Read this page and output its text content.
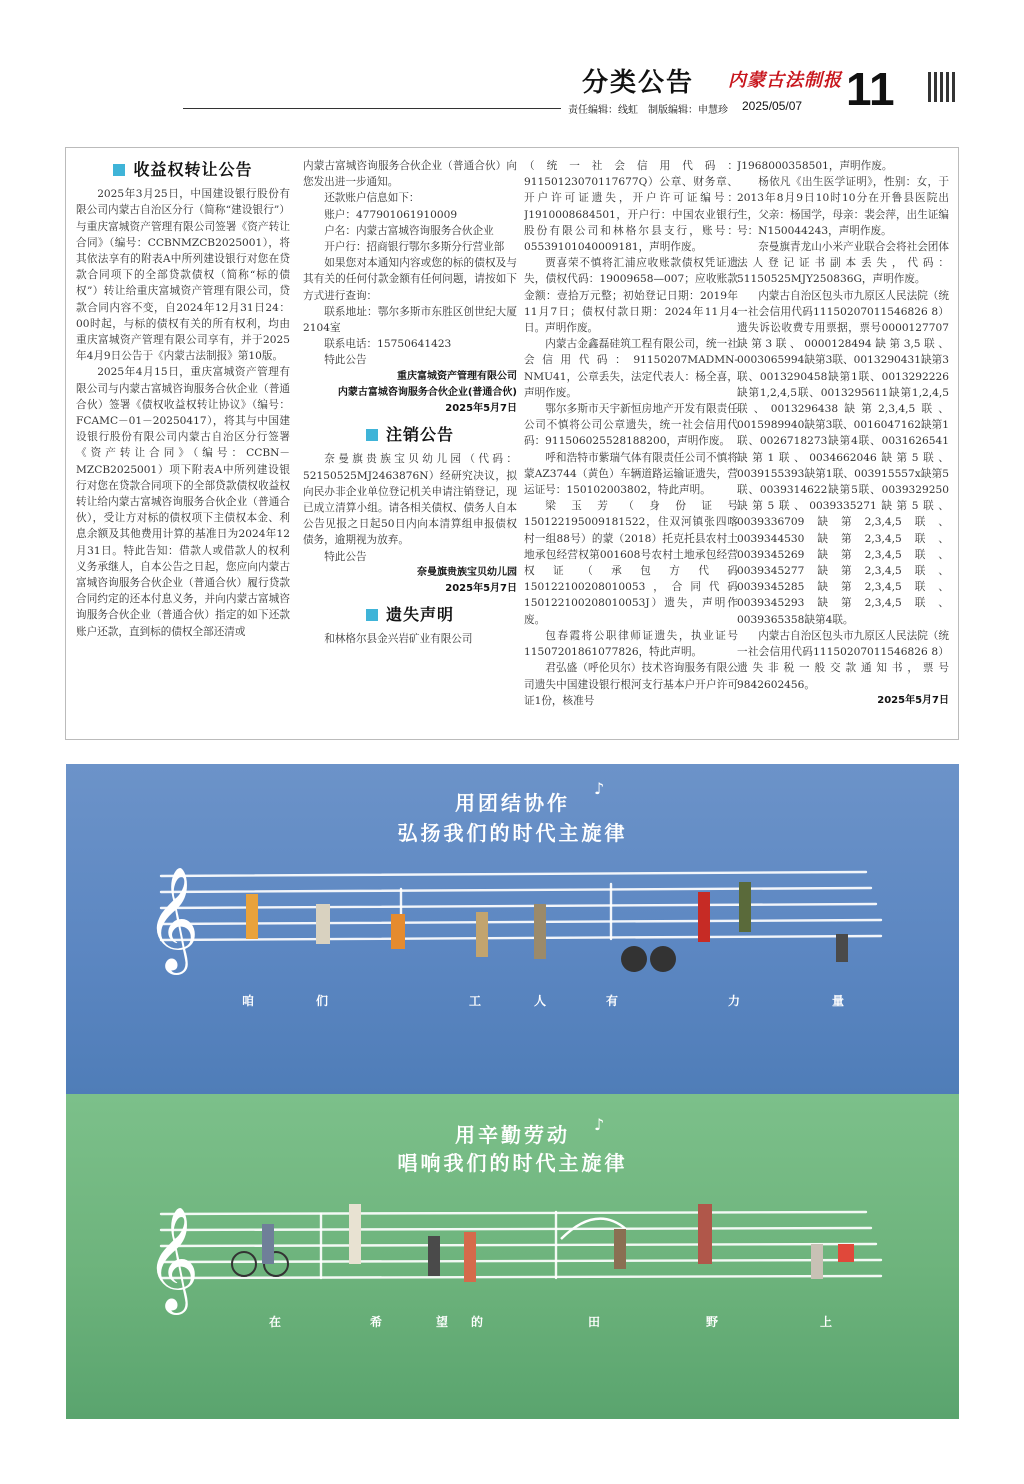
分类公告 内蒙古法制报 11
责任编辑：线虹　制版编辑：申慧珍 2025/05/07
收益权转让公告

2025年3月25日，中国建设银行股份有限公司内蒙古自治区分行（简称“建设银行”）与重庆富城资产管理有限公司签署《资产转让合同》（编号：CCBNMZCB2025001），将其依法享有的附表A中所列建设银行对您在贷款合同项下的全部贷款债权（简称“标的债权”）转让给重庆富城资产管理有限公司，贷款合同内容不变，自2024年12月31日24：00时起，与标的债权有关的所有权利，均由重庆富城资产管理有限公司享有，并于2025年4月9日公告于《内蒙古法制报》第10版。

2025年4月15日，重庆富城资产管理有限公司与内蒙古富城咨询服务合伙企业（普通合伙）签署《债权收益权转让协议》（编号：FCAMC－01－20250417），将其与中国建设银行股份有限公司内蒙古自治区分行签署《资产转让合同》（编号：CCBN－MZCB2025001）项下附表A中所列建设银行对您在贷款合同项下的全部贷款债权收益权转让给内蒙古富城咨询服务合伙企业（普通合伙），受让方对标的债权项下主债权本金、利息余额及其他费用计算的基准日为2024年12月31日。特此告知：借款人或借款人的权利义务承继人，自本公告之日起，您应向内蒙古富城咨询服务合伙企业（普通合伙）履行贷款合同约定的还本付息义务，并向内蒙古富城咨询服务合伙企业（普通合伙）指定的如下还款账户还款，直到标的债权全部还清或

内蒙古富城咨询服务合伙企业（普通合伙）向您发出进一步通知。

还款账户信息如下：

账户：477901061910009

户名：内蒙古富城咨询服务合伙企业

开户行：招商银行鄂尔多斯分行营业部

如果您对本通知内容或您的标的债权及与其有关的任何付款金额有任何问题，请按如下方式进行查询：

联系地址：鄂尔多斯市东胜区创世纪大厦2104室

联系电话：15750641423

特此公告

重庆富城资产管理有限公司

内蒙古富城咨询服务合伙企业(普通合伙)

2025年5月7日

注销公告

奈曼旗贵族宝贝幼儿园（代码：52150525MJ2463876N）经研究决议，拟向民办非企业单位登记机关申请注销登记，现已成立清算小组。请各相关债权、债务人自本公告见报之日起50日内向本清算组申报债权债务，逾期视为放弃。

特此公告

奈曼旗贵族宝贝幼儿园

2025年5月7日

遗失声明

和林格尔县金兴岩矿业有限公司

（统一社会信用代码：91150123070117677Q）公章、财务章、开户许可证遗失，开户许可证编号：J1910008684501，开户行：中国农业银行股份有限公司和林格尔县支行，账号：05539101040009181，声明作废。

贾喜荣不慎将汇浦应收账款债权凭证遗失，债权代码：19009658—007；应收账款金额：壹拾万元整；初始登记日期：2019年11月7日；债权付款日期：2024年11月4日。声明作废。

内蒙古金鑫磊硅筑工程有限公司，统一社会信用代码：91150207MADMN-NMU41，公章丢失，法定代表人：杨全喜，声明作废。

鄂尔多斯市天宇新恒房地产开发有限责任公司不慎将公司公章遗失，统一社会信用代码：911506025528188200，声明作废。

呼和浩特市紫瑞气体有限责任公司不慎将蒙AZ3744（黄色）车辆道路运输证遗失，营运证号：150102003802，特此声明。

梁玉芳（身份证号150122195009181522，住双河镇张四喀村一组88号）的蒙（2018）托克托县农村土地承包经营权第001608号农村土地承包经营权证（承包方代码150122100208010053，合同代码150122100208010053J）遗失，声明作废。

包春霞将公职律师证遗失，执业证号11507201861077826，特此声明。

君弘盛（呼伦贝尔）技术咨询服务有限公司遗失中国建设银行根河支行基本户开户许可证1份，核准号

J1968000358501，声明作废。

杨依凡《出生医学证明》，性别：女，于2013年8月9日10时10分在开鲁县医院出生，父亲：杨国学，母亲：裴会萍，出生证编号：N150044243，声明作废。

奈曼旗青龙山小米产业联合会将社会团体法人登记证书副本丢失，代码：51150525MJY250836G，声明作废。

内蒙古自治区包头市九原区人民法院（统一社会信用代码11150207011546826 8）遗失诉讼收费专用票据，票号0000127707缺第3联、0000128494缺第3,5联、0003065994缺第3联、0013290431缺第3联、0013290458缺第1联、0013292226缺第1,2,4,5联、0013295611缺第1,2,4,5联、0013296438缺第2,3,4,5联、0015989940缺第3联、0016047162缺第1联、0026718273缺第4联、0031626541缺第1联、0034662046缺第5联、0039155393缺第1联、003915557x缺第5联、0039314622缺第5联、0039329250缺第5联、0039335271缺第5联、0039336709缺第2,3,4,5联、0039344530缺第2,3,4,5联、0039345269缺第2,3,4,5联、0039345277缺第2,3,4,5联、0039345285缺第2,3,4,5联、0039345293缺第2,3,4,5联、0039365358缺第4联。

内蒙古自治区包头市九原区人民法院（统一社会信用代码11150207011546826 8）遗失非税一般交款通知书，票号9842602456。

2025年5月7日

用团结协作
弘扬我们的时代主旋律
𝄞
♪
咱	们	工	人	有	力	量
用辛勤劳动
唱响我们的时代主旋律
𝄞
♪
在	希	望 的	田	野	上
